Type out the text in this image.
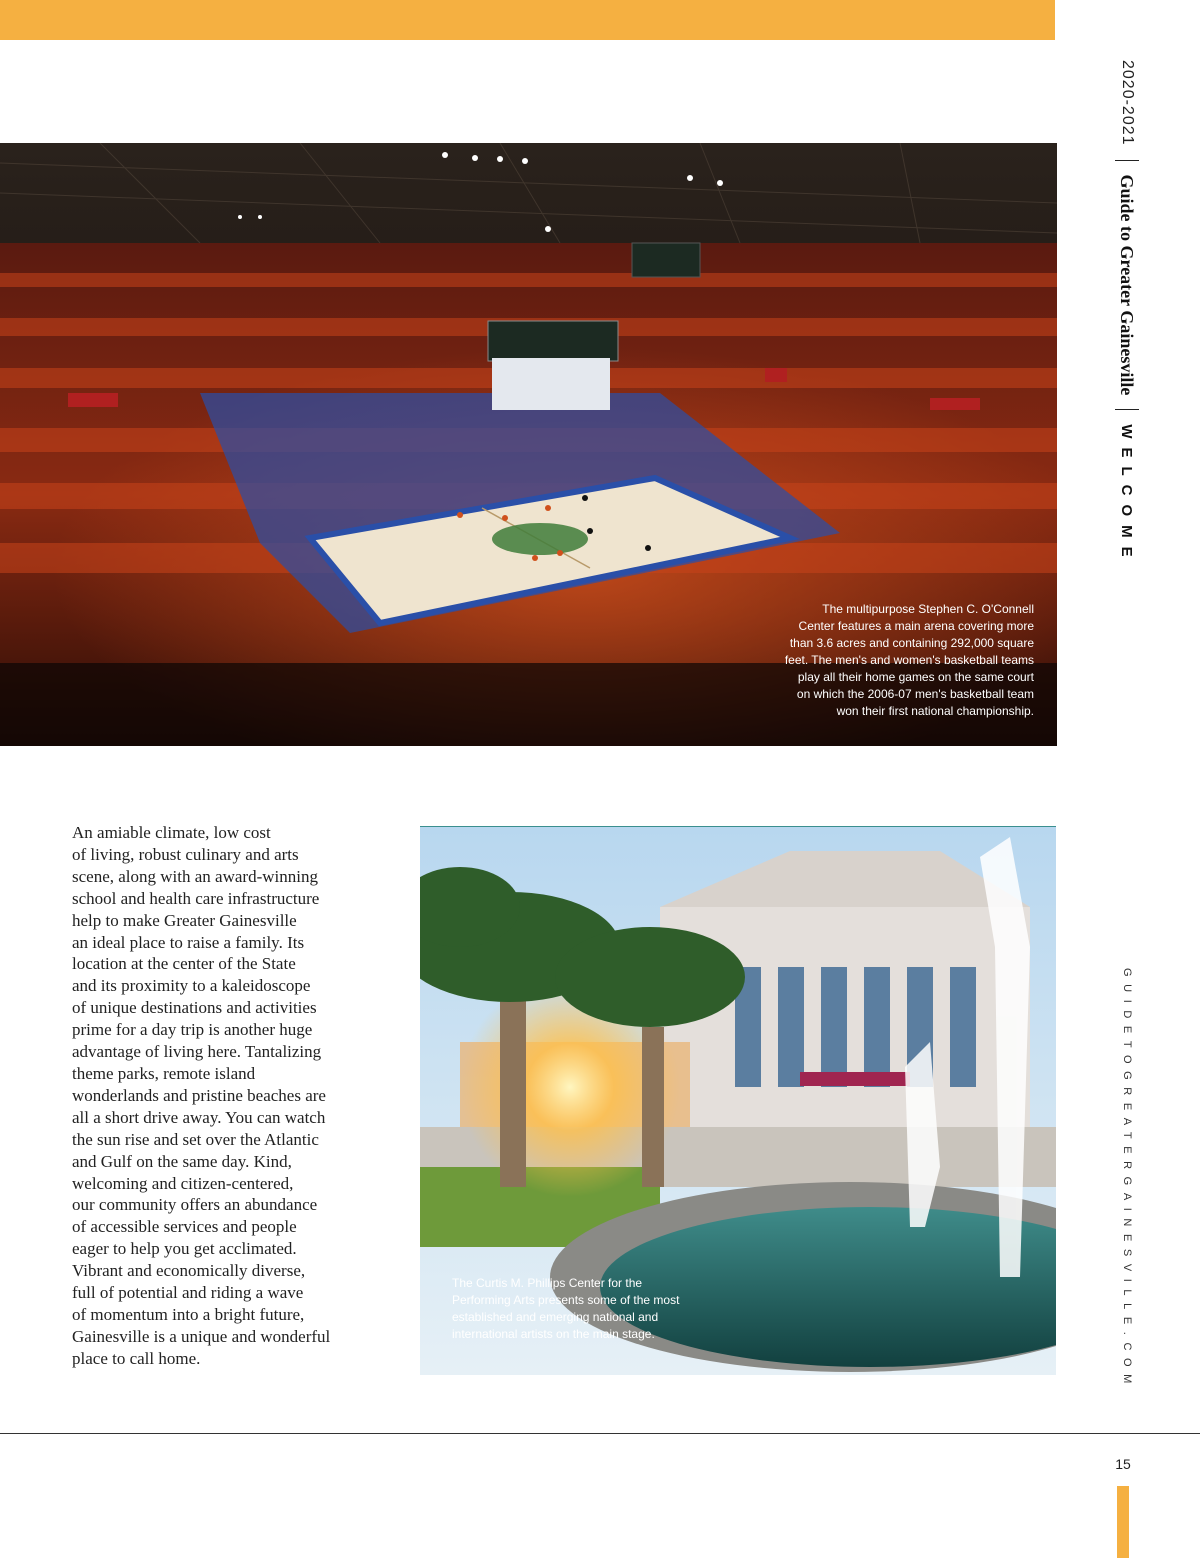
The multipurpose Stephen C. O'Connell
Center features a main arena covering more
than 3.6 acres and containing 292,000 square
feet. The men's and women's basketball teams
play all their home games on the same court
on which the 2006-07 men's basketball team
won their first national championship.
An amiable climate, low cost
of living, robust culinary and arts
scene, along with an award-winning
school and health care infrastructure
help to make Greater Gainesville
an ideal place to raise a family. Its
location at the center of the State
and its proximity to a kaleidoscope
of unique destinations and activities
prime for a day trip is another huge
advantage of living here. Tantalizing
theme parks, remote island
wonderlands and pristine beaches are
all a short drive away. You can watch
the sun rise and set over the Atlantic
and Gulf on the same day. Kind,
welcoming and citizen-centered,
our community offers an abundance
of accessible services and people
eager to help you get acclimated.
Vibrant and economically diverse,
full of potential and riding a wave
of momentum into a bright future,
Gainesville is a unique and wonderful
place to call home.
The Curtis M. Phillips Center for the
Performing Arts presents some of the most
established and emerging national and
international artists on the main stage.
2020-2021
Guide to Greater Gainesville
WELCOME
GUIDETOGREATERGAINESVILLE.COM
15
